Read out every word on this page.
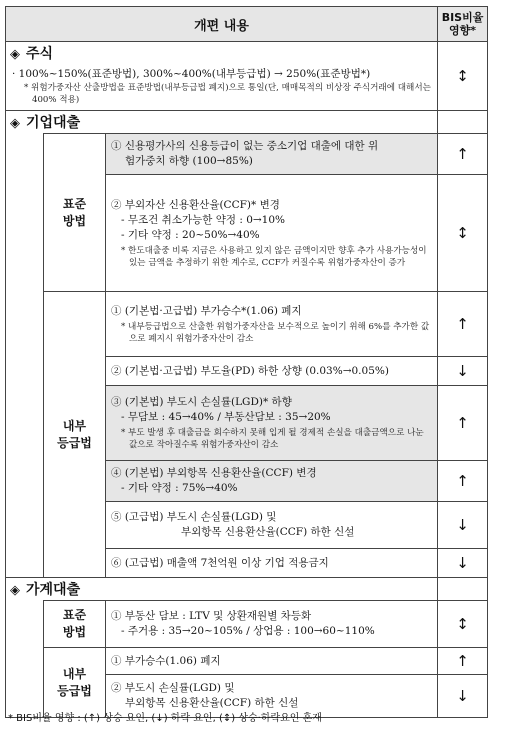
개편 내용			BIS비율 영향*
◈ 주식			↕

· 100%~150%(표준방법), 300%~400%(내부등급법) → 250%(표준방법*)
* 위험가중자산 산출방법을 표준방법(내부등급법 폐지)으로 통일(단, 매매목적의 비상장 주식거래에 대해서는 400% 적용)			

◈ 기업대출			
	표준
방법	① 신용평가사의 신용등급이 없는 중소기업 대출에 대한 위
험가중치 하향 (100→85%)	↑

		② 부외자산 신용환산율(CCF)* 변경
- 무조건 취소가능한 약정 : 0→10%
- 기타 약정 : 20~50%→40%
* 한도대출중 비록 지금은 사용하고 있지 않은 금액이지만 향후 추가 사용가능성이 있는 금액을 추정하기 위한 계수로, CCF가 커질수록 위험가중자산이 증가	↕
	내부
등급법	① (기본법·고급법) 부가승수*(1.06) 폐지
* 내부등급법으로 산출한 위험가중자산을 보수적으로 높이기 위해 6%를 추가한 값으로 폐지시 위험가중자산이 감소	↑

		② (기본법·고급법) 부도율(PD) 하한 상향 (0.03%→0.05%)	↓

		③ (기본법) 부도시 손실률(LGD)* 하향
- 무담보 : 45→40% / 부동산담보 : 35→20%
* 부도 발생 후 대출금을 회수하지 못해 입게 될 경제적 손실을 대출금액으로 나눈 값으로 작아질수록 위험가중자산이 감소	↑

		④ (기본법) 부외항목 신용환산율(CCF) 변경
- 기타 약정 : 75%→40%	↑

		⑤ (고급법) 부도시 손실률(LGD) 및
부외항목 신용환산율(CCF) 하한 신설	↓

		⑥ (고급법) 매출액 7천억원 이상 기업 적용금지	↓
◈ 가계대출			
	표준
방법	① 부동산 담보 : LTV 및 상환재원별 차등화
- 주거용 : 35→20~105% / 상업용 : 100→60~110%	↕
	내부
등급법	① 부가승수(1.06) 폐지	↑

		② 부도시 손실률(LGD) 및
부외항목 신용환산율(CCF) 하한 신설	↓
* BIS비율 영향 : (↑) 상승 요인, (↓) 하락 요인, (↕) 상승·하락요인 혼재
